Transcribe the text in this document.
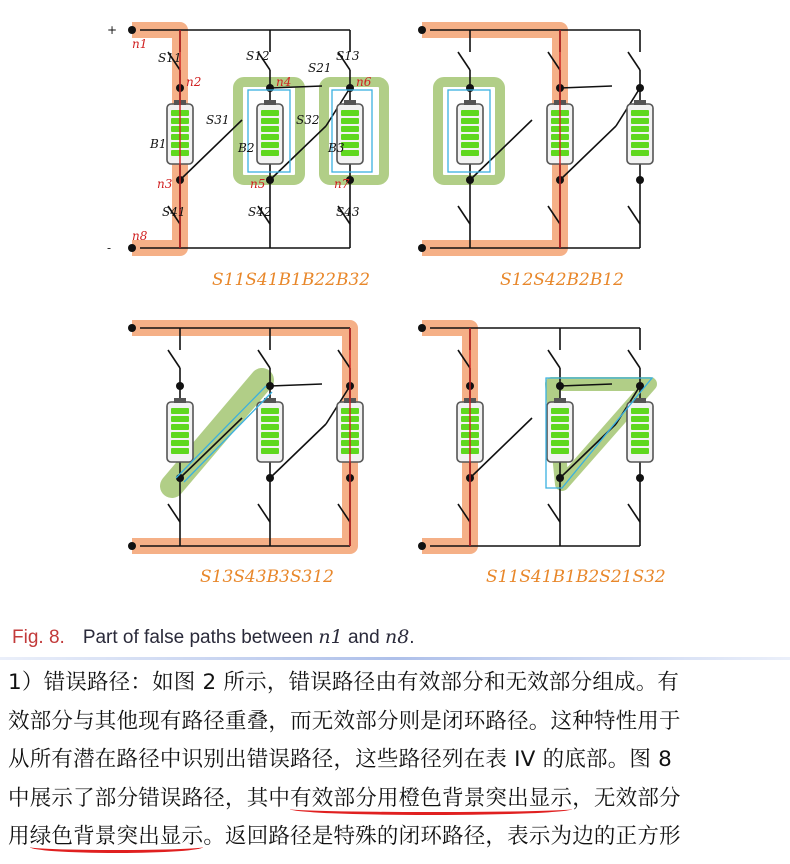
+
-
n1
n2
n3
n4
n5
n6
n7
n8
S11	S12	S13
S21
S31	S32
S41	S42	S43
B1	B2	B3
S11S41B1B22B32	S12S42B2B12
S13S43B3S312	S11S41B1B2S21S32
Fig. 8. Part of false paths between n1 and n8.
1）错误路径：如图 2 所示，错误路径由有效部分和无效部分组成。有
效部分与其他现有路径重叠，而无效部分则是闭环路径。这种特性用于
从所有潜在路径中识别出错误路径，这些路径列在表 IV 的底部。图 8
中展示了部分错误路径，其中有效部分用橙色背景突出显示，无效部分
用绿色背景突出显示。返回路径是特殊的闭环路径，表示为边的正方形
